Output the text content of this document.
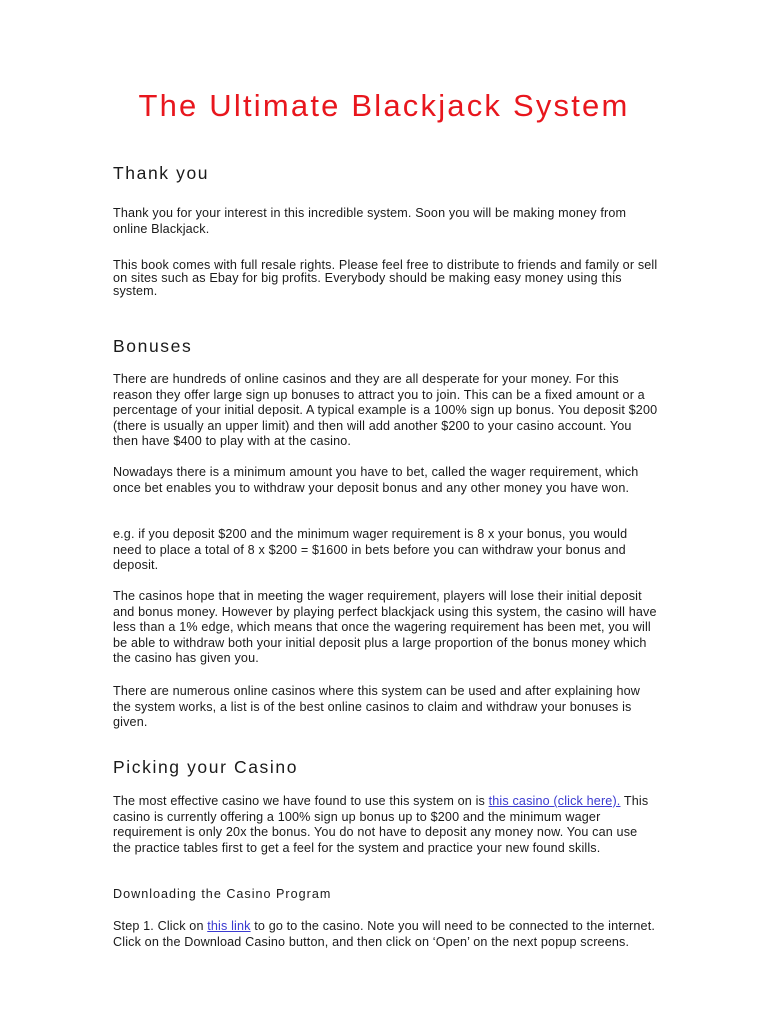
The Ultimate Blackjack System
Thank you

Thank you for your interest in this incredible system. Soon you will be making money from online Blackjack.

This book comes with full resale rights. Please feel free to distribute to friends and family or sell on sites such as Ebay for big profits. Everybody should be making easy money using this system.

Bonuses

There are hundreds of online casinos and they are all desperate for your money. For this reason they offer large sign up bonuses to attract you to join. This can be a fixed amount or a percentage of your initial deposit. A typical example is a 100% sign up bonus. You deposit $200 (there is usually an upper limit) and then will add another $200 to your casino account. You then have $400 to play with at the casino.

Nowadays there is a minimum amount you have to bet, called the wager requirement, which once bet enables you to withdraw your deposit bonus and any other money you have won.

e.g. if you deposit $200 and the minimum wager requirement is 8 x your bonus, you would need to place a total of 8 x $200 = $1600 in bets before you can withdraw your bonus and deposit.

The casinos hope that in meeting the wager requirement, players will lose their initial deposit and bonus money. However by playing perfect blackjack using this system, the casino will have less than a 1% edge, which means that once the wagering requirement has been met, you will be able to withdraw both your initial deposit plus a large proportion of the bonus money which the casino has given you.

There are numerous online casinos where this system can be used and after explaining how the system works, a list is of the best online casinos to claim and withdraw your bonuses is given.

Picking your Casino

The most effective casino we have found to use this system on is this casino (click here). This casino is currently offering a 100% sign up bonus up to $200 and the minimum wager requirement is only 20x the bonus. You do not have to deposit any money now. You can use the practice tables first to get a feel for the system and practice your new found skills.

Downloading the Casino Program

Step 1. Click on this link to go to the casino. Note you will need to be connected to the internet. Click on the Download Casino button, and then click on ‘Open’ on the next popup screens.
